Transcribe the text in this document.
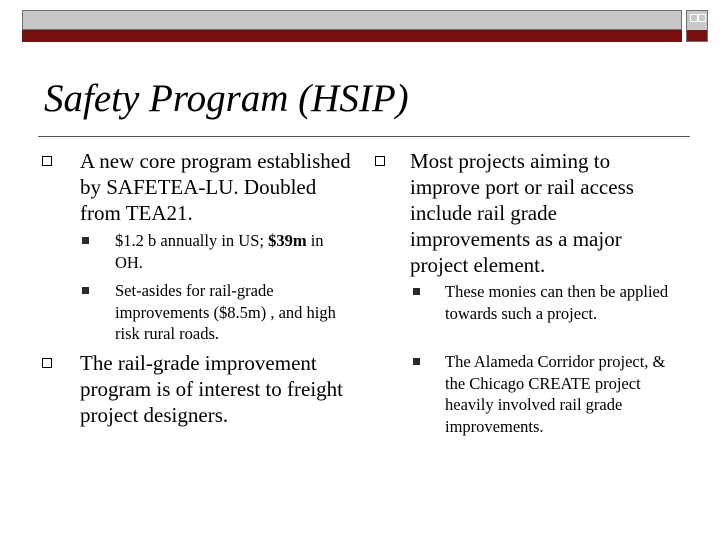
Safety Program (HSIP)

A new core program established by SAFETEA-LU. Doubled from TEA21.

$1.2 b annually in US; $39m in OH.

Set-asides for rail-grade improvements ($8.5m) , and high risk rural roads.

The rail-grade improvement program is of interest to freight project designers.

Most projects aiming to improve port or rail access include rail grade improvements as a major project element.

These monies can then be applied towards such a project.

The Alameda Corridor project, & the Chicago CREATE project heavily involved rail grade improvements.
